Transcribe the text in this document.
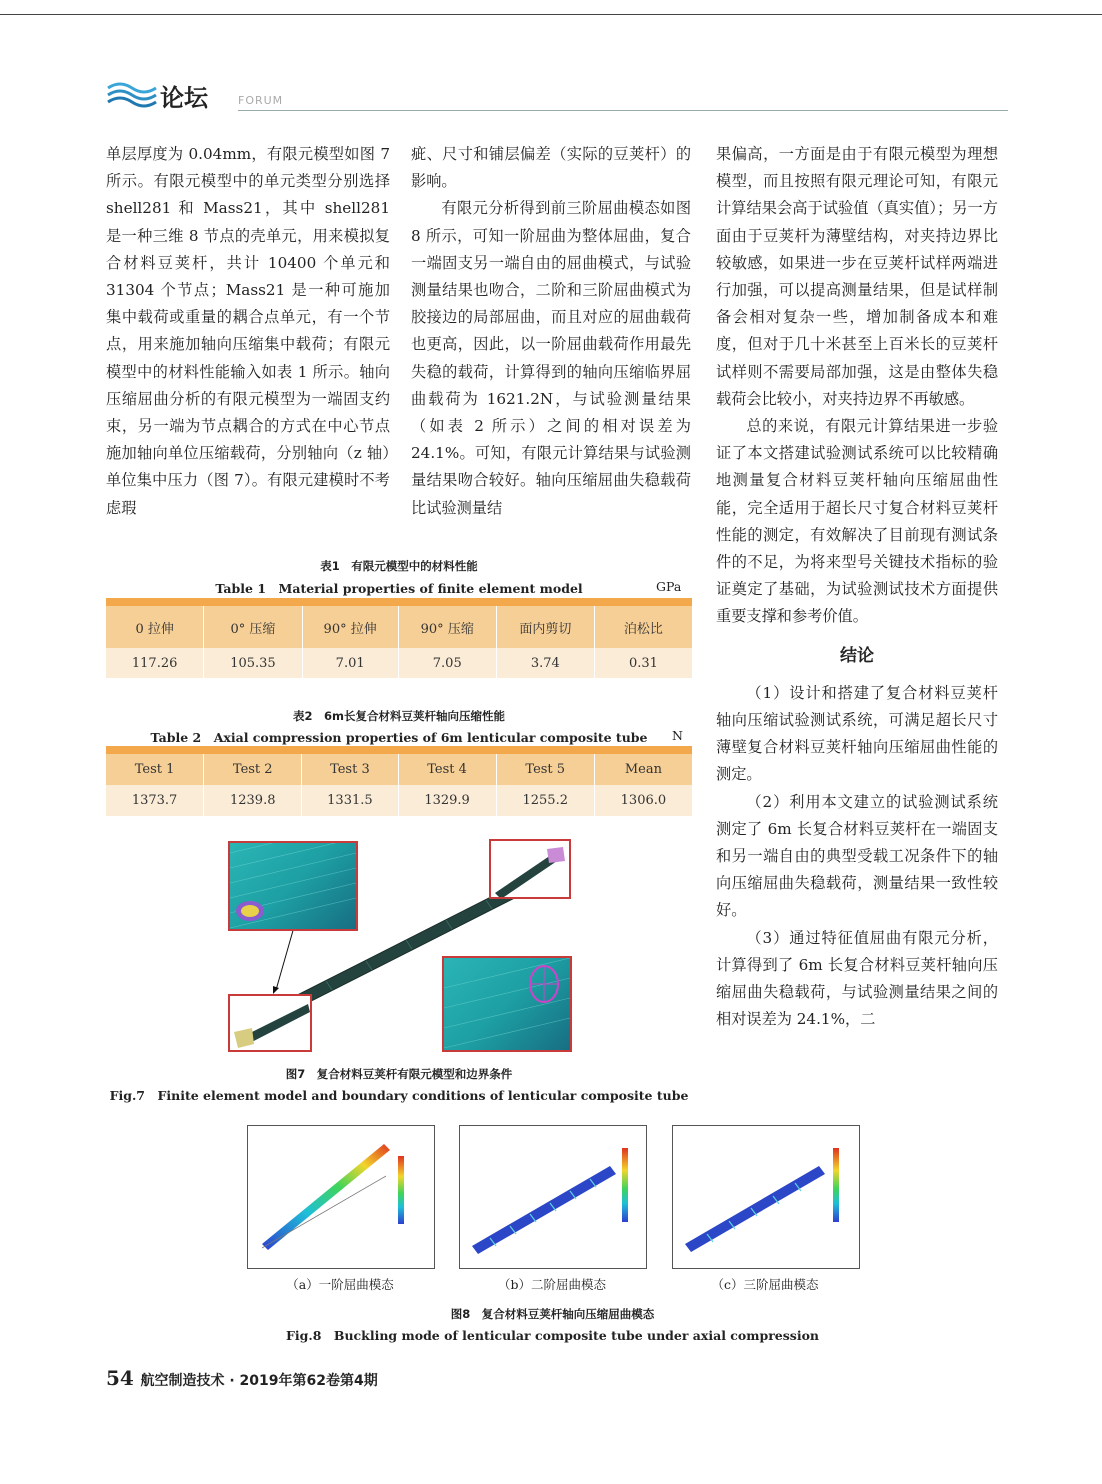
论坛	FORUM

单层厚度为 0.04mm，有限元模型如图 7 所示。有限元模型中的单元类型分别选择 shell281 和 Mass21，其中 shell281 是一种三维 8 节点的壳单元，用来模拟复合材料豆荚杆，共计 10400 个单元和 31304 个节点；Mass21 是一种可施加集中载荷或重量的耦合点单元，有一个节点，用来施加轴向压缩集中载荷；有限元模型中的材料性能输入如表 1 所示。轴向压缩屈曲分析的有限元模型为一端固支约束，另一端为节点耦合的方式在中心节点施加轴向单位压缩载荷，分别轴向（z 轴）单位集中压力（图 7）。有限元建模时不考虑瑕

疵、尺寸和铺层偏差（实际的豆荚杆）的影响。

有限元分析得到前三阶屈曲模态如图 8 所示，可知一阶屈曲为整体屈曲，复合一端固支另一端自由的屈曲模式，与试验测量结果也吻合，二阶和三阶屈曲模式为胶接边的局部屈曲，而且对应的屈曲载荷也更高，因此，以一阶屈曲载荷作用最先失稳的载荷，计算得到的轴向压缩临界屈曲载荷为 1621.2N，与试验测量结果（如表 2 所示）之间的相对误差为 24.1%。可知，有限元计算结果与试验测量结果吻合较好。轴向压缩屈曲失稳载荷比试验测量结

果偏高，一方面是由于有限元模型为理想模型，而且按照有限元理论可知，有限元计算结果会高于试验值（真实值）；另一方面由于豆荚杆为薄壁结构，对夹持边界比较敏感，如果进一步在豆荚杆试样两端进行加强，可以提高测量结果，但是试样制备会相对复杂一些，增加制备成本和难度，但对于几十米甚至上百米长的豆荚杆试样则不需要局部加强，这是由整体失稳载荷会比较小，对夹持边界不再敏感。

总的来说，有限元计算结果进一步验证了本文搭建试验测试系统可以比较精确地测量复合材料豆荚杆轴向压缩屈曲性能，完全适用于超长尺寸复合材料豆荚杆性能的测定，有效解决了目前现有测试条件的不足，为将来型号关键技术指标的验证奠定了基础，为试验测试技术方面提供重要支撑和参考价值。

结论

（1）设计和搭建了复合材料豆荚杆轴向压缩试验测试系统，可满足超长尺寸薄壁复合材料豆荚杆轴向压缩屈曲性能的测定。

（2）利用本文建立的试验测试系统测定了 6m 长复合材料豆荚杆在一端固支和另一端自由的典型受载工况条件下的轴向压缩屈曲失稳载荷，测量结果一致性较好。

（3）通过特征值屈曲有限元分析，计算得到了 6m 长复合材料豆荚杆轴向压缩屈曲失稳载荷，与试验测量结果之间的相对误差为 24.1%，二

表1　有限元模型中的材料性能
Table 1　Material properties of finite element model	GPa
0 拉伸	0° 压缩	90° 拉伸	90° 压缩	面内剪切	泊松比
117.26	105.35	7.01	7.05	3.74	0.31
表2　6m长复合材料豆荚杆轴向压缩性能
Table 2　Axial compression properties of 6m lenticular composite tube	N
Test 1	Test 2	Test 3	Test 4	Test 5	Mean
1373.7	1239.8	1331.5	1329.9	1255.2	1306.0
图7　复合材料豆荚杆有限元模型和边界条件
Fig.7　Finite element model and boundary conditions of lenticular composite tube
（a）一阶屈曲模态	（b）二阶屈曲模态	（c）三阶屈曲模态
图8　复合材料豆荚杆轴向压缩屈曲模态
Fig.8　Buckling mode of lenticular composite tube under axial compression
54 航空制造技术 · 2019年第62卷第4期
